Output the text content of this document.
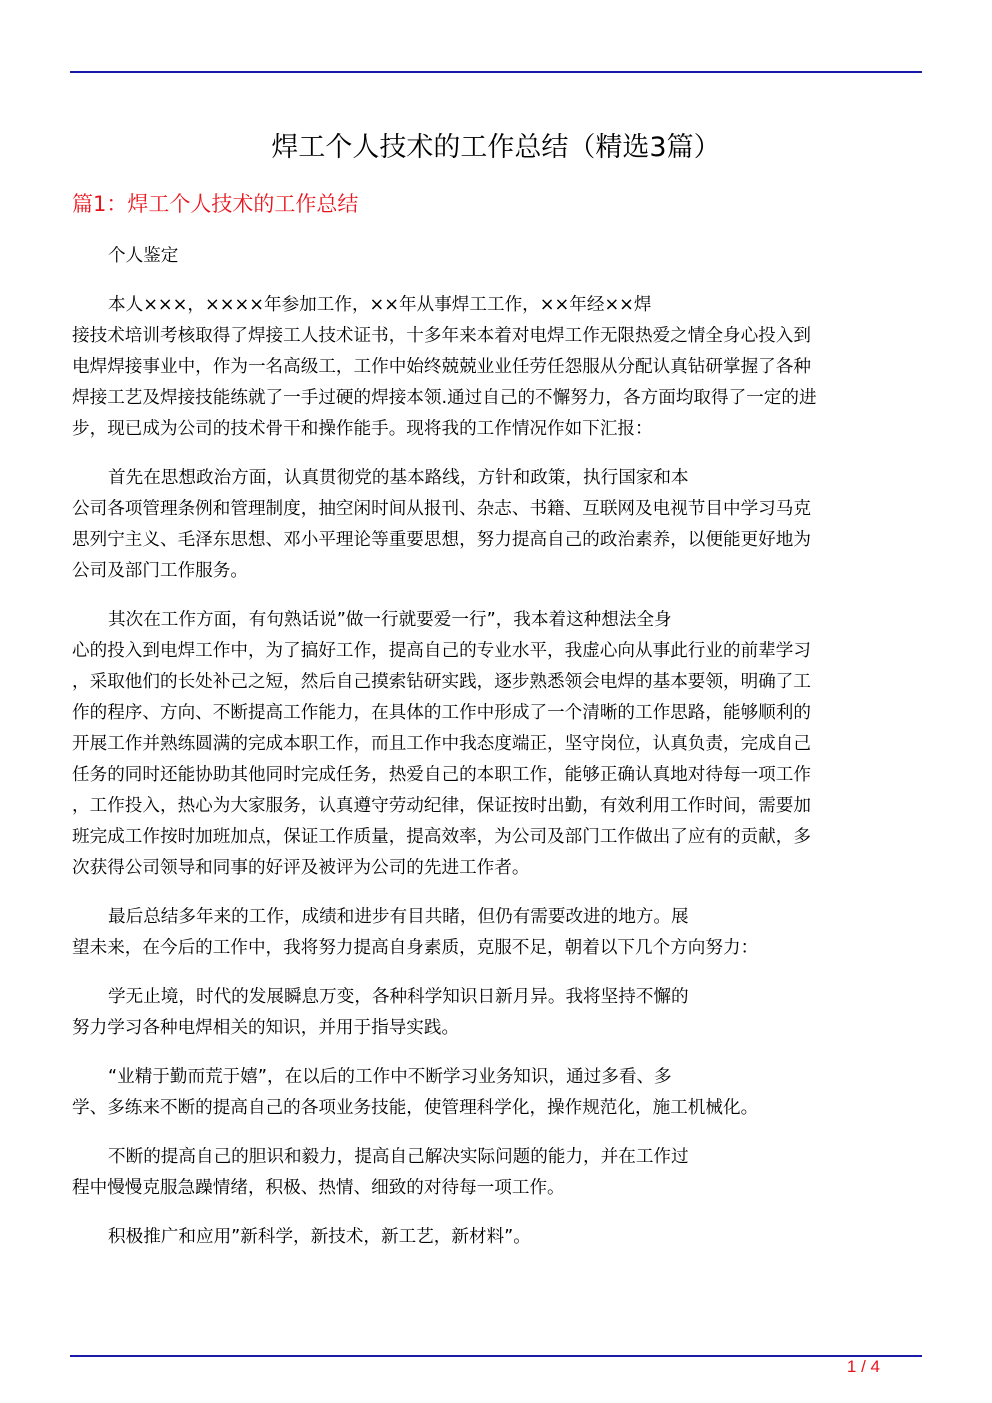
焊工个人技术的工作总结（精选3篇）
篇1：焊工个人技术的工作总结
个人鉴定
本人×××，××××年参加工作，××年从事焊工工作，××年经××焊
接技术培训考核取得了焊接工人技术证书，十多年来本着对电焊工作无限热爱之情全身心投入到
电焊焊接事业中，作为一名高级工，工作中始终兢兢业业任劳任怨服从分配认真钻研掌握了各种
焊接工艺及焊接技能练就了一手过硬的焊接本领.通过自己的不懈努力，各方面均取得了一定的进
步，现已成为公司的技术骨干和操作能手。现将我的工作情况作如下汇报：
首先在思想政治方面，认真贯彻党的基本路线，方针和政策，执行国家和本
公司各项管理条例和管理制度，抽空闲时间从报刊、杂志、书籍、互联网及电视节目中学习马克
思列宁主义、毛泽东思想、邓小平理论等重要思想，努力提高自己的政治素养，以便能更好地为
公司及部门工作服务。
其次在工作方面，有句熟话说”做一行就要爱一行”，我本着这种想法全身
心的投入到电焊工作中，为了搞好工作，提高自己的专业水平，我虚心向从事此行业的前辈学习
，采取他们的长处补己之短，然后自己摸索钻研实践，逐步熟悉领会电焊的基本要领，明确了工
作的程序、方向、不断提高工作能力，在具体的工作中形成了一个清晰的工作思路，能够顺利的
开展工作并熟练圆满的完成本职工作，而且工作中我态度端正，坚守岗位，认真负责，完成自己
任务的同时还能协助其他同时完成任务，热爱自己的本职工作，能够正确认真地对待每一项工作
，工作投入，热心为大家服务，认真遵守劳动纪律，保证按时出勤，有效利用工作时间，需要加
班完成工作按时加班加点，保证工作质量，提高效率，为公司及部门工作做出了应有的贡献，多
次获得公司领导和同事的好评及被评为公司的先进工作者。
最后总结多年来的工作，成绩和进步有目共睹，但仍有需要改进的地方。展
望未来，在今后的工作中，我将努力提高自身素质，克服不足，朝着以下几个方向努力：
学无止境，时代的发展瞬息万变，各种科学知识日新月异。我将坚持不懈的
努力学习各种电焊相关的知识，并用于指导实践。
“业精于勤而荒于嬉”，在以后的工作中不断学习业务知识，通过多看、多
学、多练来不断的提高自己的各项业务技能，使管理科学化，操作规范化，施工机械化。
不断的提高自己的胆识和毅力，提高自己解决实际问题的能力，并在工作过
程中慢慢克服急躁情绪，积极、热情、细致的对待每一项工作。
积极推广和应用”新科学，新技术，新工艺，新材料”。
1 / 4
